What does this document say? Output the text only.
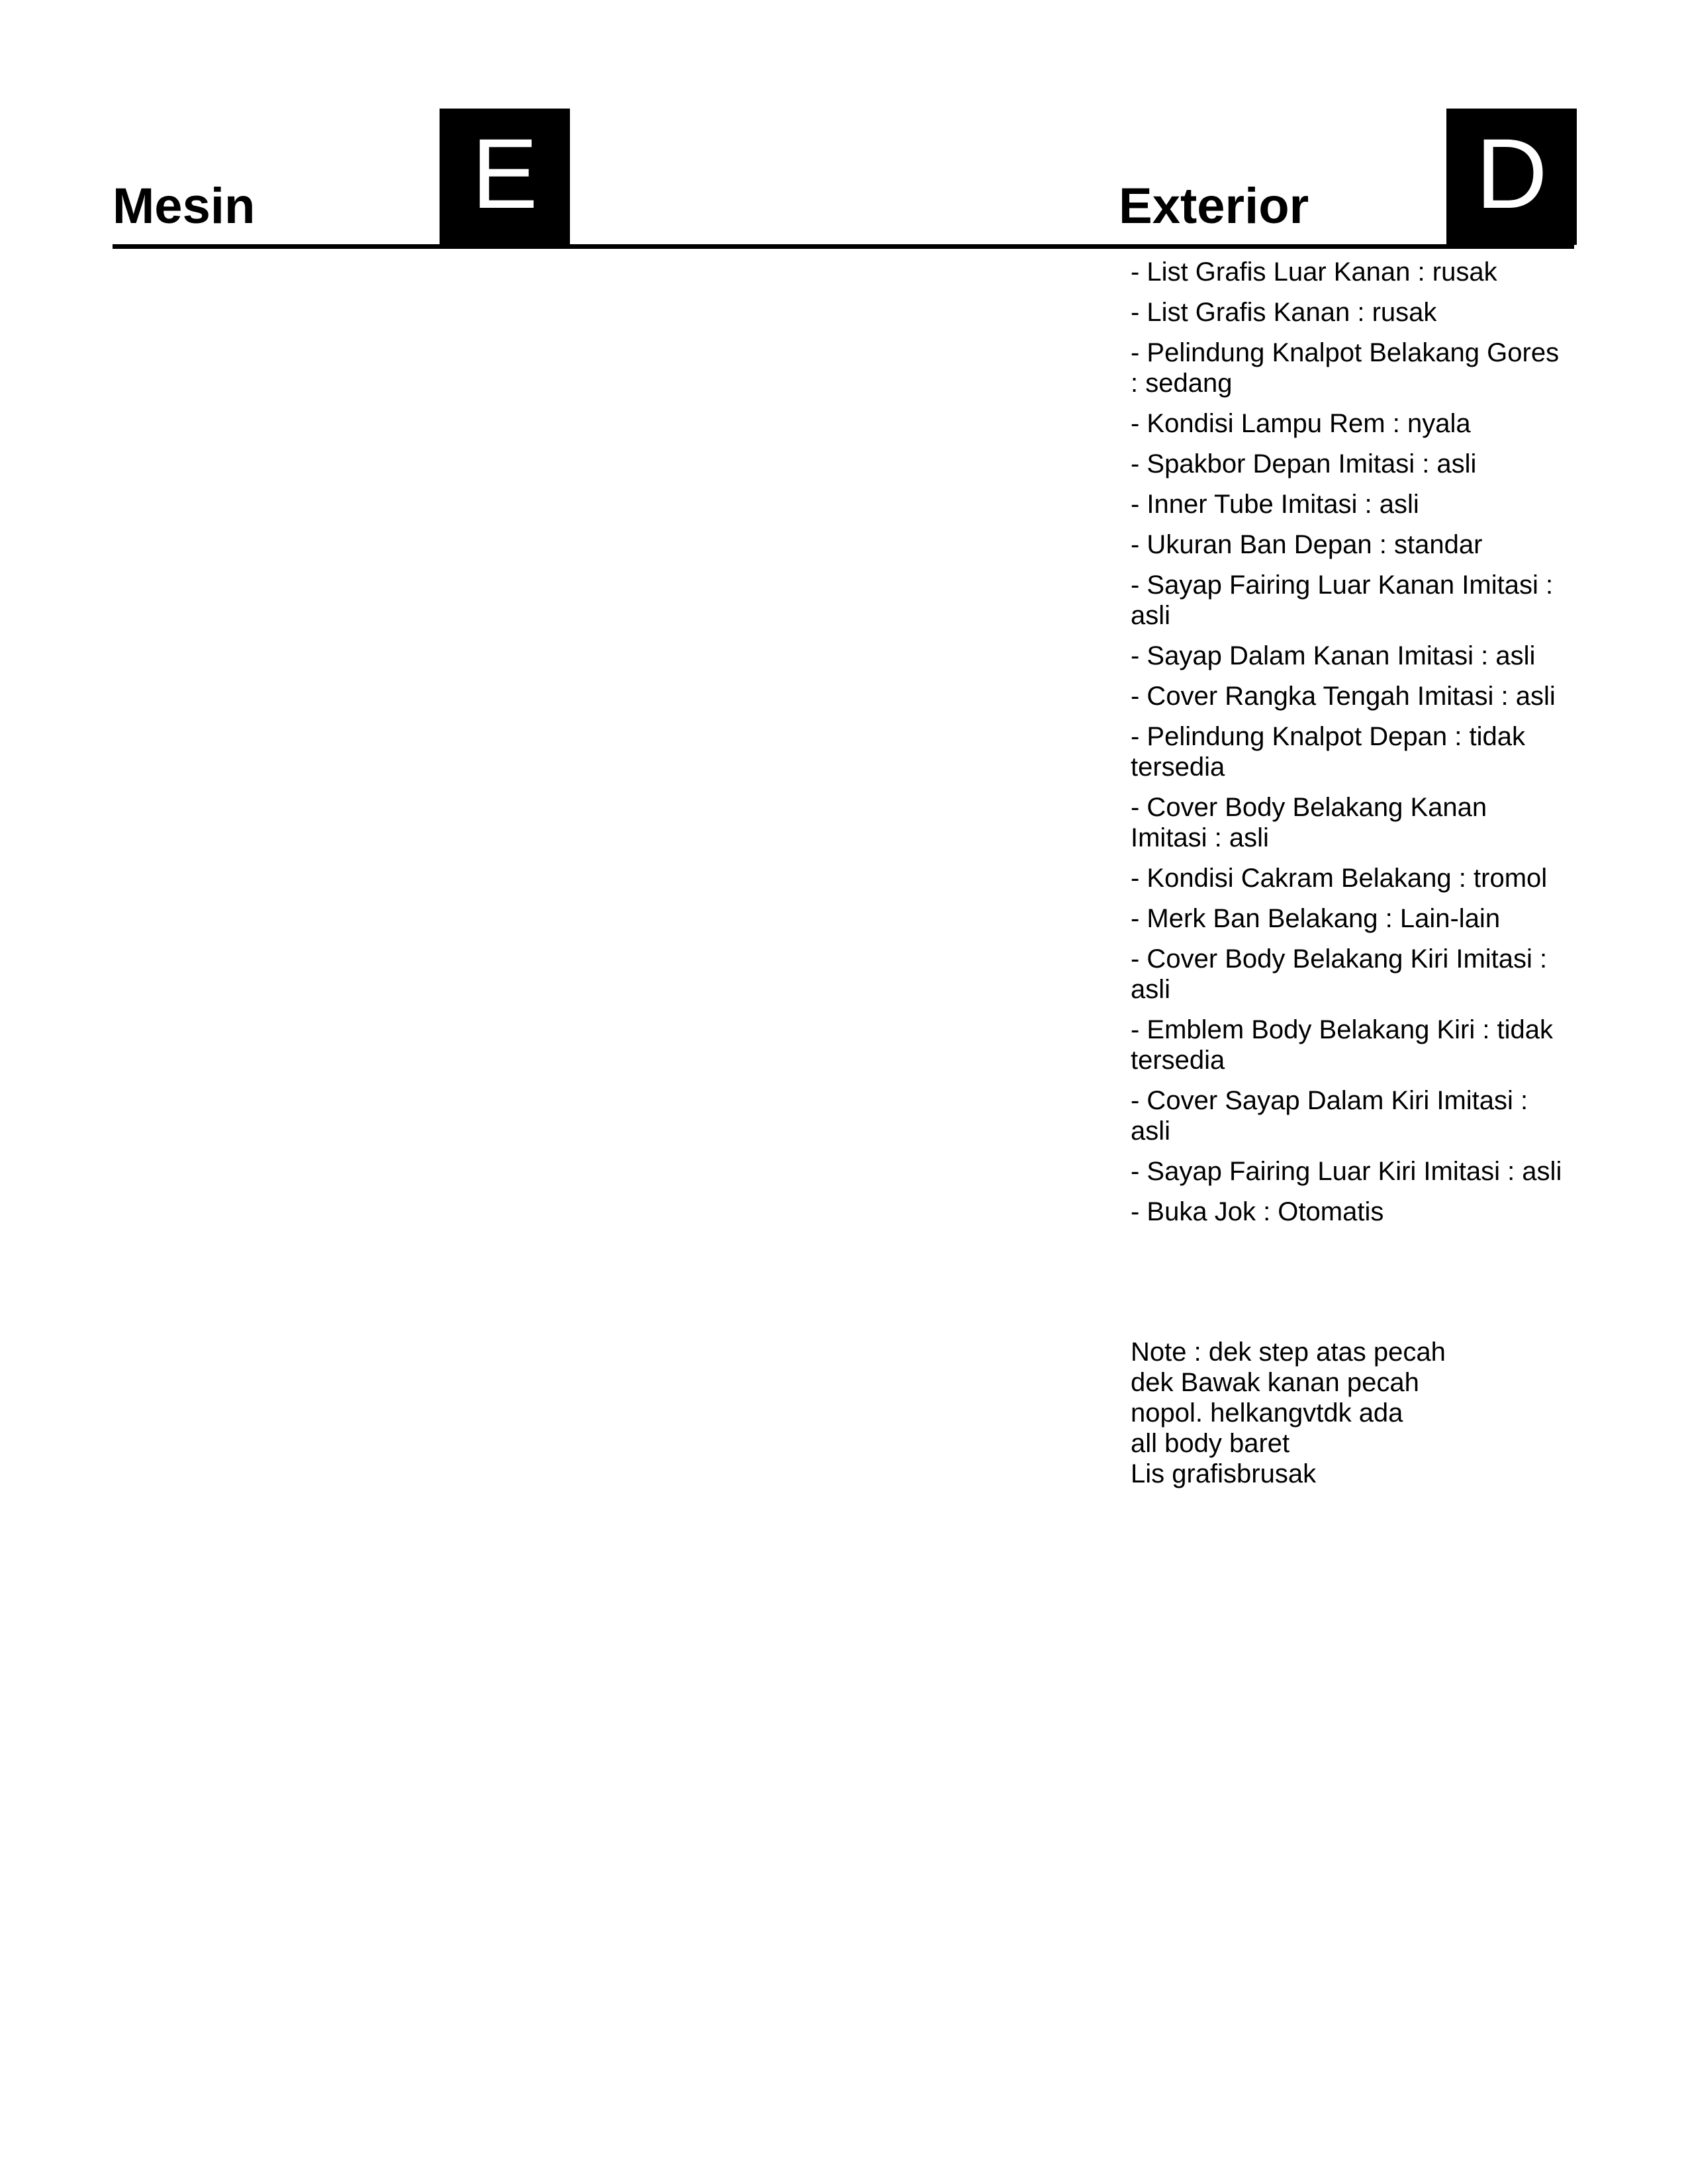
Mesin	E	Exterior D
- List Grafis Luar Kanan : rusak
- List Grafis Kanan : rusak
- Pelindung Knalpot Belakang Gores : sedang
- Kondisi Lampu Rem : nyala
- Spakbor Depan Imitasi : asli
- Inner Tube Imitasi : asli
- Ukuran Ban Depan : standar
- Sayap Fairing Luar Kanan Imitasi : asli
- Sayap Dalam Kanan Imitasi : asli
- Cover Rangka Tengah Imitasi : asli
- Pelindung Knalpot Depan : tidak tersedia
- Cover Body Belakang Kanan Imitasi : asli
- Kondisi Cakram Belakang : tromol
- Merk Ban Belakang : Lain-lain
- Cover Body Belakang Kiri Imitasi : asli
- Emblem Body Belakang Kiri : tidak tersedia
- Cover Sayap Dalam Kiri Imitasi : asli
- Sayap Fairing Luar Kiri Imitasi : asli
- Buka Jok : Otomatis
Note : dek step atas pecah
dek Bawak kanan pecah
nopol. helkangvtdk ada
all body baret
Lis grafisbrusak
